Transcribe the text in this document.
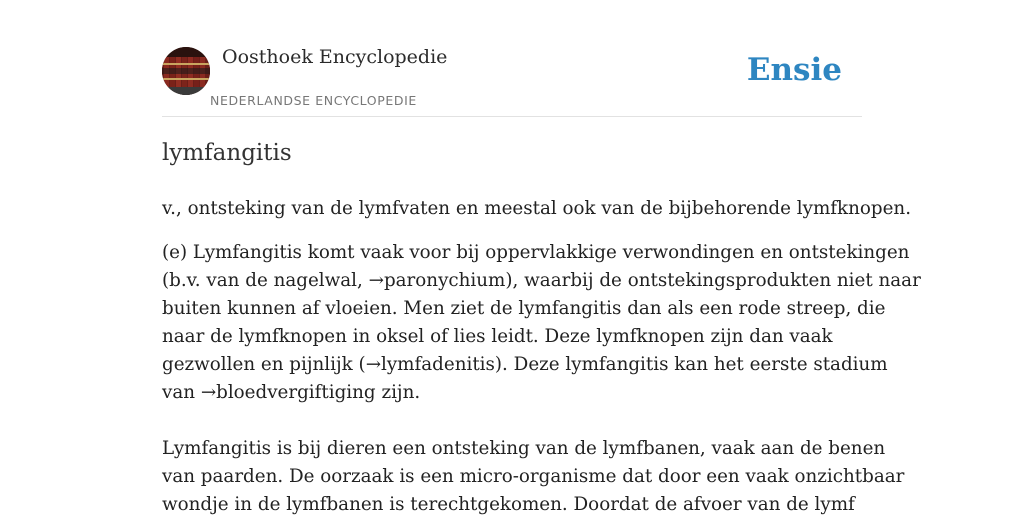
Oosthoek Encyclopedie
NEDERLANDSE ENCYCLOPEDIE
Ensie
lymfangitis

v., ontsteking van de lymfvaten en meestal ook van de bijbehorende lymfknopen.

(e) Lymfangitis komt vaak voor bij oppervlakkige verwondingen en ontstekingen
(b.v. van de nagelwal, →paronychium), waarbij de ontstekingsprodukten niet naar
buiten kunnen af vloeien. Men ziet de lymfangitis dan als een rode streep, die
naar de lymfknopen in oksel of lies leidt. Deze lymfknopen zijn dan vaak
gezwollen en pijnlijk (→lymfadenitis). Deze lymfangitis kan het eerste stadium
van →bloedvergiftiging zijn.

Lymfangitis is bij dieren een ontsteking van de lymfbanen, vaak aan de benen
van paarden. De oorzaak is een micro-organisme dat door een vaak onzichtbaar
wondje in de lymfbanen is terechtgekomen. Doordat de afvoer van de lymf
